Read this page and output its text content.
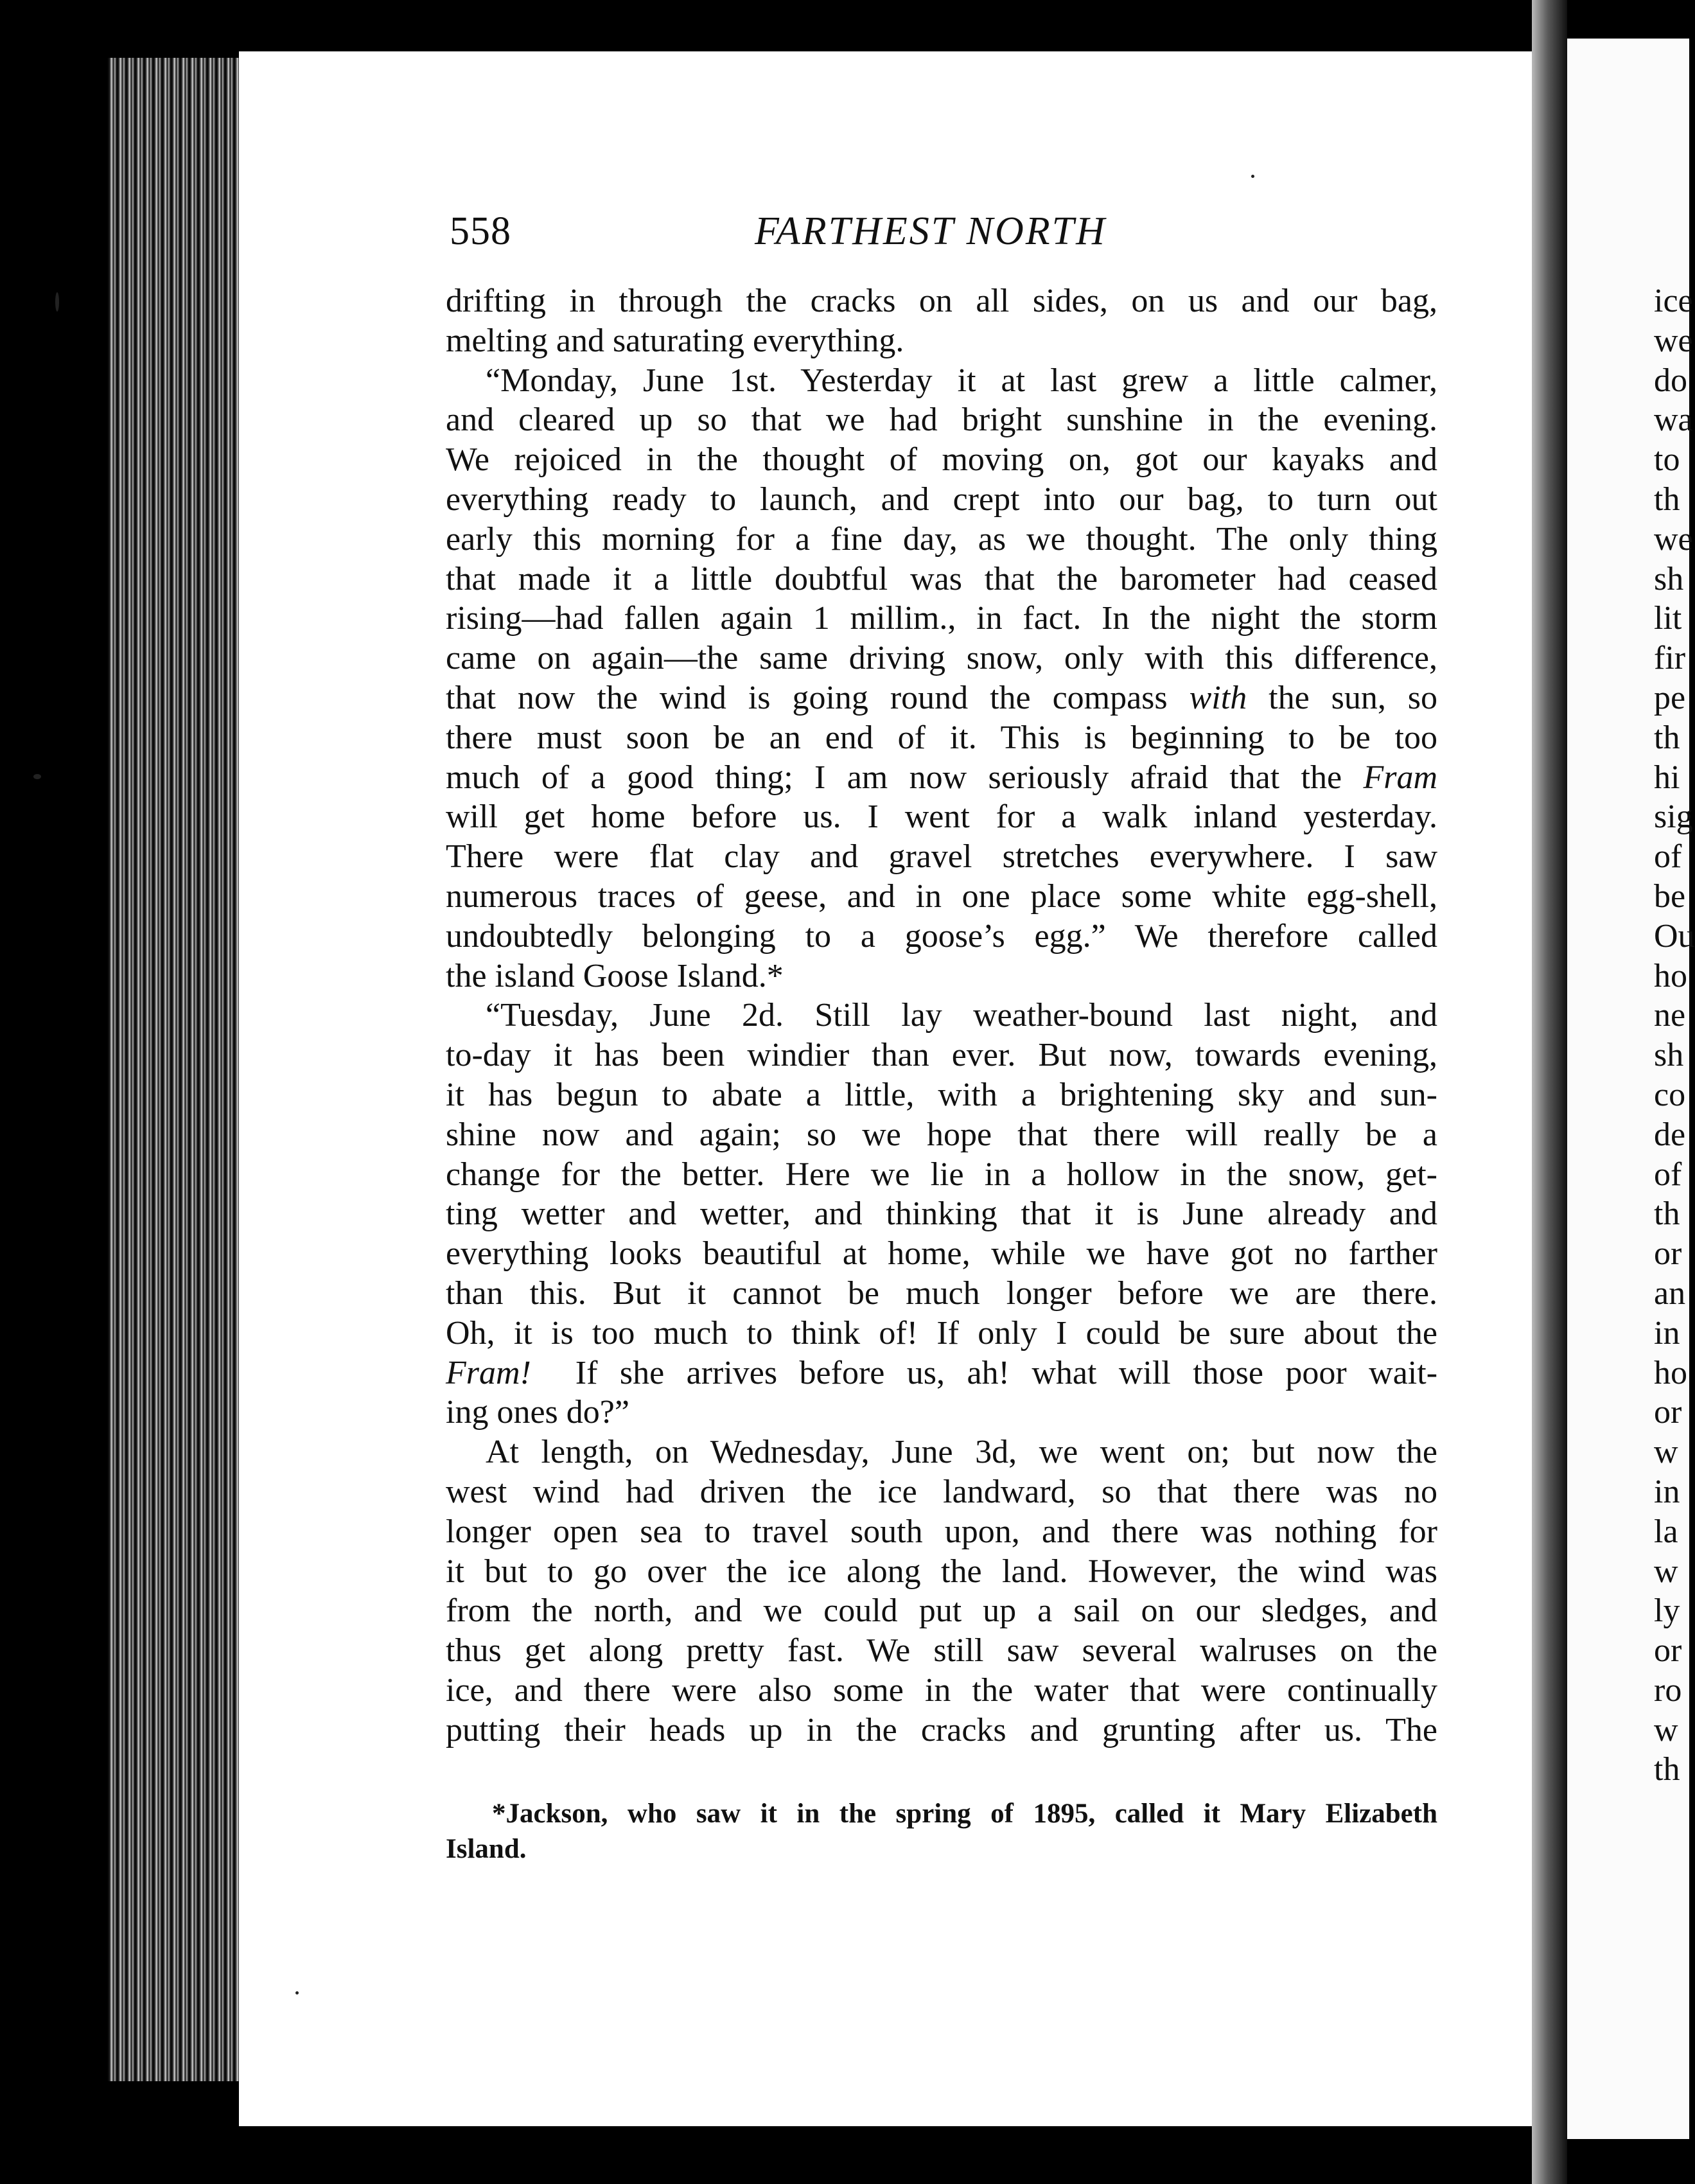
558	FARTHEST NORTH
drifting in through the cracks on all sides, on us and our bag,
melting and saturating everything.
“Monday, June 1st. Yesterday it at last grew a little calmer,
and cleared up so that we had bright sunshine in the evening.
We rejoiced in the thought of moving on, got our kayaks and
everything ready to launch, and crept into our bag, to turn out
early this morning for a fine day, as we thought. The only thing
that made it a little doubtful was that the barometer had ceased
rising—had fallen again 1 millim., in fact. In the night the storm
came on again—the same driving snow, only with this difference,
that now the wind is going round the compass with the sun, so
there must soon be an end of it. This is beginning to be too
much of a good thing; I am now seriously afraid that the Fram
will get home before us. I went for a walk inland yesterday.
There were flat clay and gravel stretches everywhere. I saw
numerous traces of geese, and in one place some white egg-shell,
undoubtedly belonging to a goose’s egg.” We therefore called
the island Goose Island.*
“Tuesday, June 2d. Still lay weather-bound last night, and
to-day it has been windier than ever. But now, towards evening,
it has begun to abate a little, with a brightening sky and sun-
shine now and again; so we hope that there will really be a
change for the better. Here we lie in a hollow in the snow, get-
ting wetter and wetter, and thinking that it is June already and
everything looks beautiful at home, while we have got no farther
than this. But it cannot be much longer before we are there.
Oh, it is too much to think of! If only I could be sure about the
Fram! If she arrives before us, ah! what will those poor wait-
ing ones do?”
At length, on Wednesday, June 3d, we went on; but now the
west wind had driven the ice landward, so that there was no
longer open sea to travel south upon, and there was nothing for
it but to go over the ice along the land. However, the wind was
from the north, and we could put up a sail on our sledges, and
thus get along pretty fast. We still saw several walruses on the
ice, and there were also some in the water that were continually
putting their heads up in the cracks and grunting after us. The
*Jackson, who saw it in the spring of 1895, called it Mary Elizabeth
Island.
ice
we
do
wa
to
th
we
sh
lit
fir
pe
th
hi
sig
of
be
Ou
ho
ne
sh
co
de
of
th
or
an
in
ho
or
w
in
la
w
ly
or
ro
w
th
